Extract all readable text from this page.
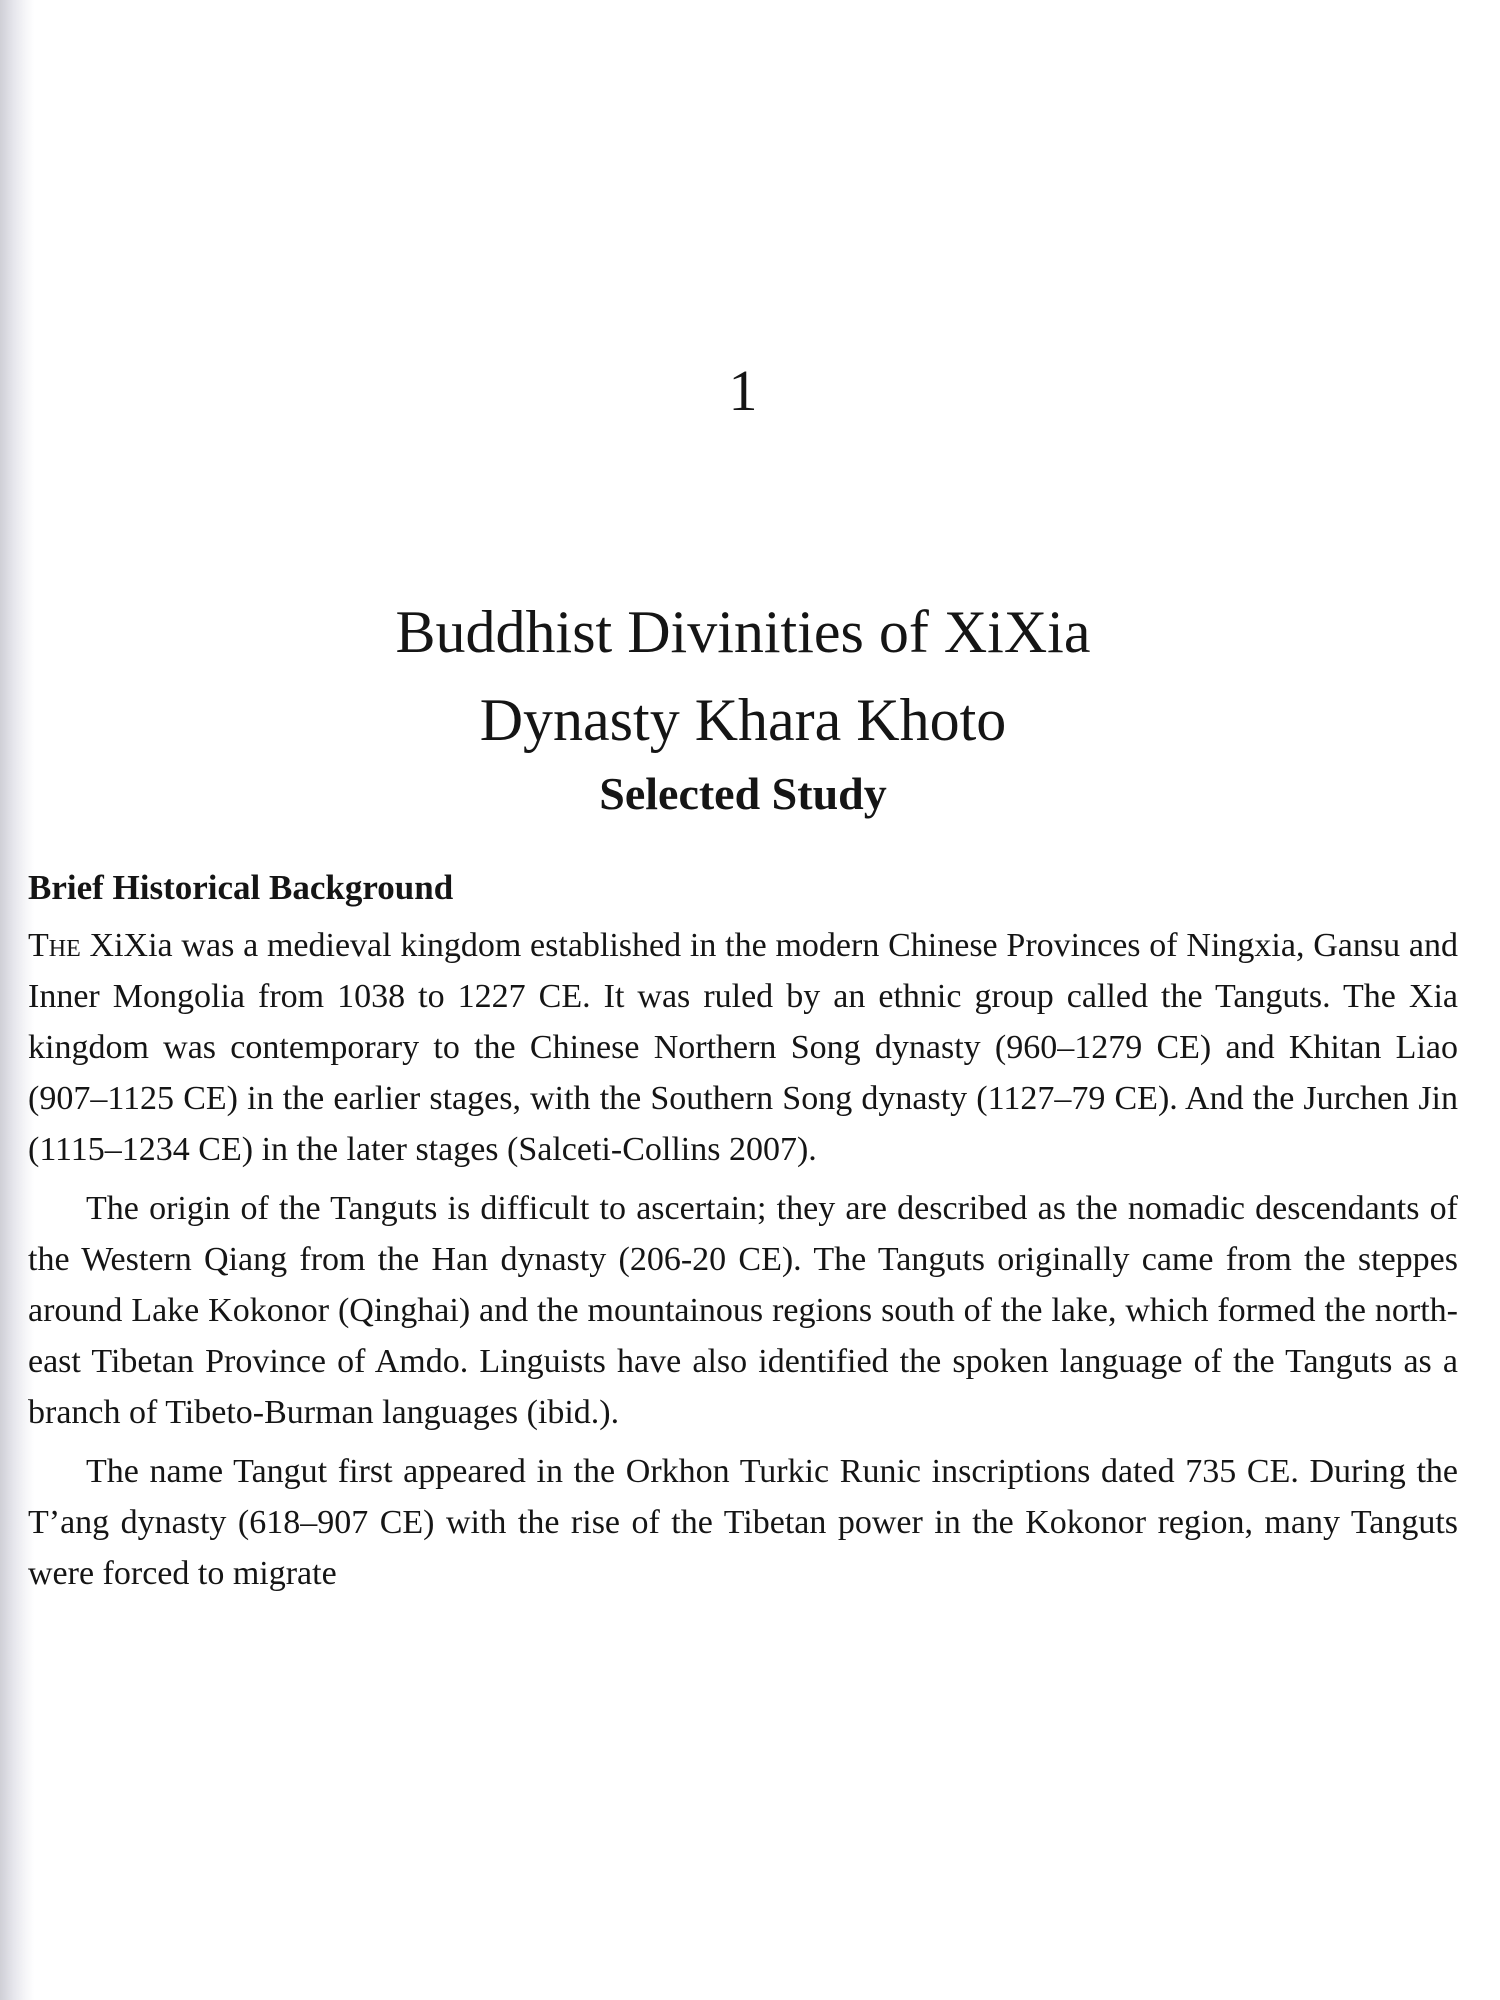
1
Buddhist Divinities of XiXia
Dynasty Khara Khoto
Selected Study
Brief Historical Background

The XiXia was a medieval kingdom established in the modern Chinese Provinces of Ningxia, Gansu and Inner Mongolia from 1038 to 1227 CE. It was ruled by an ethnic group called the Tanguts. The Xia kingdom was contemporary to the Chinese Northern Song dynasty (960–1279 CE) and Khitan Liao (907–1125 CE) in the earlier stages, with the Southern Song dynasty (1127–79 CE). And the Jurchen Jin (1115–1234 CE) in the later stages (Salceti-Collins 2007).

The origin of the Tanguts is difficult to ascertain; they are described as the nomadic descendants of the Western Qiang from the Han dynasty (206-20 CE). The Tanguts originally came from the steppes around Lake Kokonor (Qinghai) and the mountainous regions south of the lake, which formed the north-east Tibetan Province of Amdo. Linguists have also identified the spoken language of the Tanguts as a branch of Tibeto-Burman languages (ibid.).

The name Tangut first appeared in the Orkhon Turkic Runic inscriptions dated 735 CE. During the T’ang dynasty (618–907 CE) with the rise of the Tibetan power in the Kokonor region, many Tanguts were forced to migrate
